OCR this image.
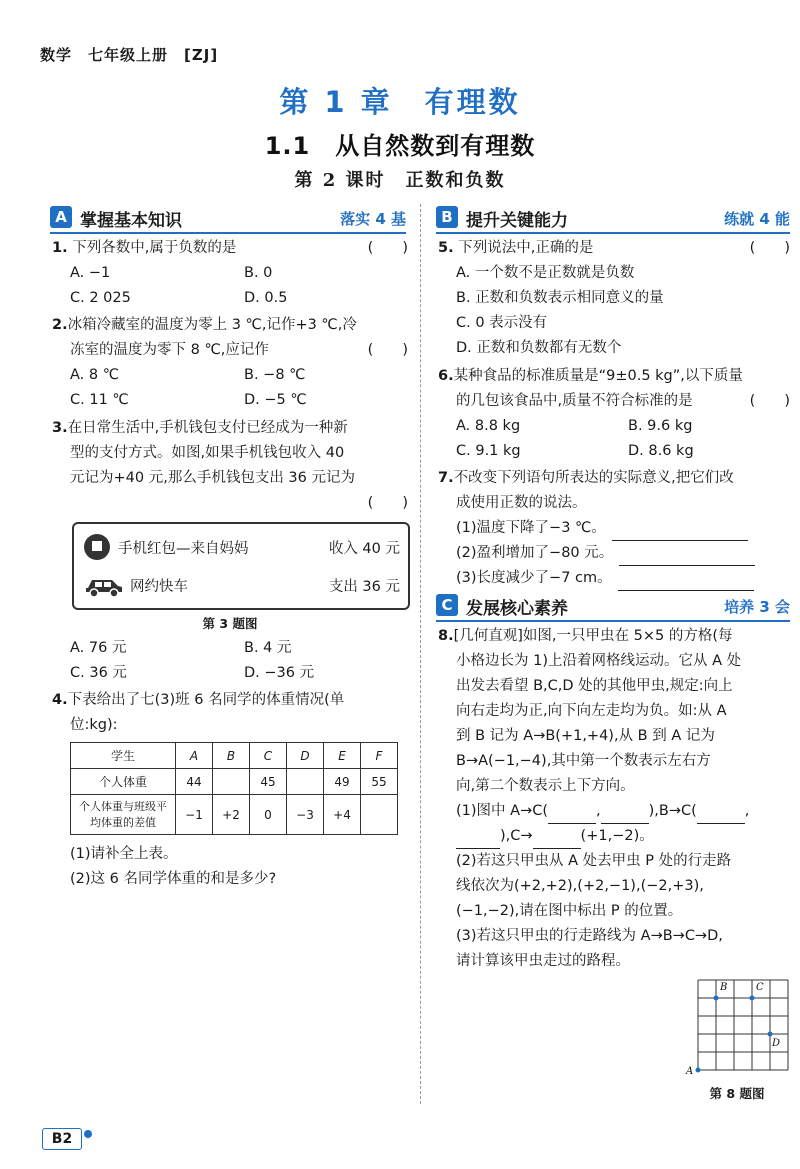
数学　七年级上册　[ZJ]
第 1 章　有理数
1.1　从自然数到有理数
第 2 课时　正数和负数
A 掌握基本知识	落实 4 基
1. 下列各数中,属于负数的是	(　　)
A. −1	B. 0
C. 2 025	D. 0.5
2.冰箱冷藏室的温度为零上 3 ℃,记作+3 ℃,冷
冻室的温度为零下 8 ℃,应记作	(　　)
A. 8 ℃	B. −8 ℃
C. 11 ℃	D. −5 ℃
3.在日常生活中,手机钱包支付已经成为一种新
型的支付方式。如图,如果手机钱包收入 40
元记为+40 元,那么手机钱包支出 36 元记为
(　　)
手机红包—来自妈妈	收入 40 元
网约快车	支出 36 元
第 3 题图
A. 76 元	B. 4 元
C. 36 元	D. −36 元
4.下表给出了七(3)班 6 名同学的体重情况(单
位:kg):
学生	A	B	C	D	E	F
个人体重	44		45		49	55

个人体重与班级平
均体重的差值	−1	+2	0	−3	+4	
(1)请补全上表。
(2)这 6 名同学体重的和是多少?
B 提升关键能力	练就 4 能
5. 下列说法中,正确的是	(　　)
A. 一个数不是正数就是负数
B. 正数和负数表示相同意义的量
C. 0 表示没有
D. 正数和负数都有无数个
6.某种食品的标准质量是“9±0.5 kg”,以下质量
的几包该食品中,质量不符合标准的是	(　　)
A. 8.8 kg	B. 9.6 kg
C. 9.1 kg	D. 8.6 kg
7.不改变下列语句所表达的实际意义,把它们改
成使用正数的说法。
(1)温度下降了−3 ℃。
(2)盈利增加了−80 元。
(3)长度减少了−7 cm。
C 发展核心素养	培养 3 会
8.[几何直观]如图,一只甲虫在 5×5 的方格(每
小格边长为 1)上沿着网格线运动。它从 A 处
出发去看望 B,C,D 处的其他甲虫,规定:向上
向右走均为正,向下向左走均为负。如:从 A
到 B 记为 A→B(+1,+4),从 B 到 A 记为
B→A(−1,−4),其中第一个数表示左右方
向,第二个数表示上下方向。
(1)图中 A→C(	,	),B→C(	,
),C→	(+1,−2)。
(2)若这只甲虫从 A 处去甲虫 P 处的行走路
线依次为(+2,+2),(+2,−1),(−2,+3),
(−1,−2),请在图中标出 P 的位置。
(3)若这只甲虫的行走路线为 A→B→C→D,
请计算该甲虫走过的路程。
A
B	C
D
第 8 题图
B2
